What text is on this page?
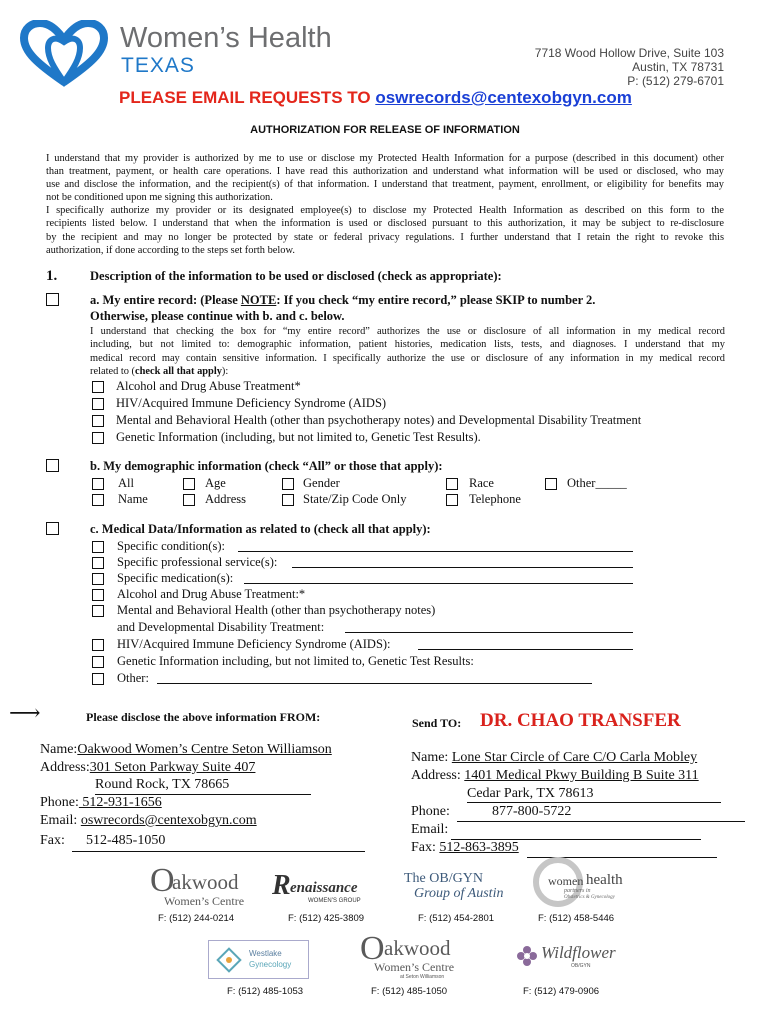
Women’s Health
TEXAS
7718 Wood Hollow Drive, Suite 103
Austin, TX 78731
P: (512) 279-6701
PLEASE EMAIL REQUESTS TO oswrecords@centexobgyn.com
AUTHORIZATION FOR RELEASE OF INFORMATION
I understand that my provider is authorized by me to use or disclose my Protected Health Information for a purpose (described in this document) other
than treatment, payment, or health care operations. I have read this authorization and understand what information will be used or disclosed, who may
use and disclose the information, and the recipient(s) of that information. I understand that treatment, payment, enrollment, or eligibility for benefits may
not be conditioned upon me signing this authorization.
I specifically authorize my provider or its designated employee(s) to disclose my Protected Health Information as described on this form to the
recipients listed below. I understand that when the information is used or disclosed pursuant to this authorization, it may be subject to re-disclosure
by the recipient and may no longer be protected by state or federal privacy regulations. I further understand that I retain the right to revoke this
authorization, if done according to the steps set forth below.
1.	Description of the information to be used or disclosed (check as appropriate):
a. My entire record: (Please NOTE: If you check “my entire record,” please SKIP to number 2.
Otherwise, please continue with b. and c. below.
I understand that checking the box for “my entire record” authorizes the use or disclosure of all information in my medical record
including, but not limited to: demographic information, patient histories, medication lists, tests, and diagnoses. I understand that my
medical record may contain sensitive information. I specifically authorize the use or disclosure of any information in my medical record
related to (check all that apply):
Alcohol and Drug Abuse Treatment*
HIV/Acquired Immune Deficiency Syndrome (AIDS)
Mental and Behavioral Health (other than psychotherapy notes) and Developmental Disability Treatment
Genetic Information (including, but not limited to, Genetic Test Results).
b. My demographic information (check “All” or those that apply):
All	Age	Gender	Race	Other_____
Name	Address	State/Zip Code Only	Telephone
c. Medical Data/Information as related to (check all that apply):
Specific condition(s):
Specific professional service(s):
Specific medication(s):
Alcohol and Drug Abuse Treatment:*
Mental and Behavioral Health (other than psychotherapy notes)
and Developmental Disability Treatment:
HIV/Acquired Immune Deficiency Syndrome (AIDS):
Genetic Information including, but not limited to, Genetic Test Results:
Other:
⟶	Please disclose the above information FROM:	Send TO: DR. CHAO TRANSFER
Name:Oakwood Women’s Centre Seton Williamson
Address:301 Seton Parkway Suite 407
Round Rock, TX 78665
Phone: 512-931-1656
Email: oswrecords@centexobgyn.com
Fax: 512-485-1050
Name: Lone Star Circle of Care C/O Carla Mobley
Address: 1401 Medical Pkwy Building B Suite 311
Cedar Park, TX 78613
Phone:	877-800-5722
Email:
Fax: 512-863-3895
O
akwood
Women’s Centre R enaissance
WOMEN’S GROUP
The OB/GYN
Group of Austin
women health
partners in
Obstetrics & Gynecology
F: (512) 244-0214	F: (512) 425-3809	F: (512) 454-2801	F: (512) 458-5446
Westlake
Gynecology O akwood
Women’s Centre
at Seton Williamson
Wildflower
OB/GYN
F: (512) 485-1053	F: (512) 485-1050	F: (512) 479-0906
